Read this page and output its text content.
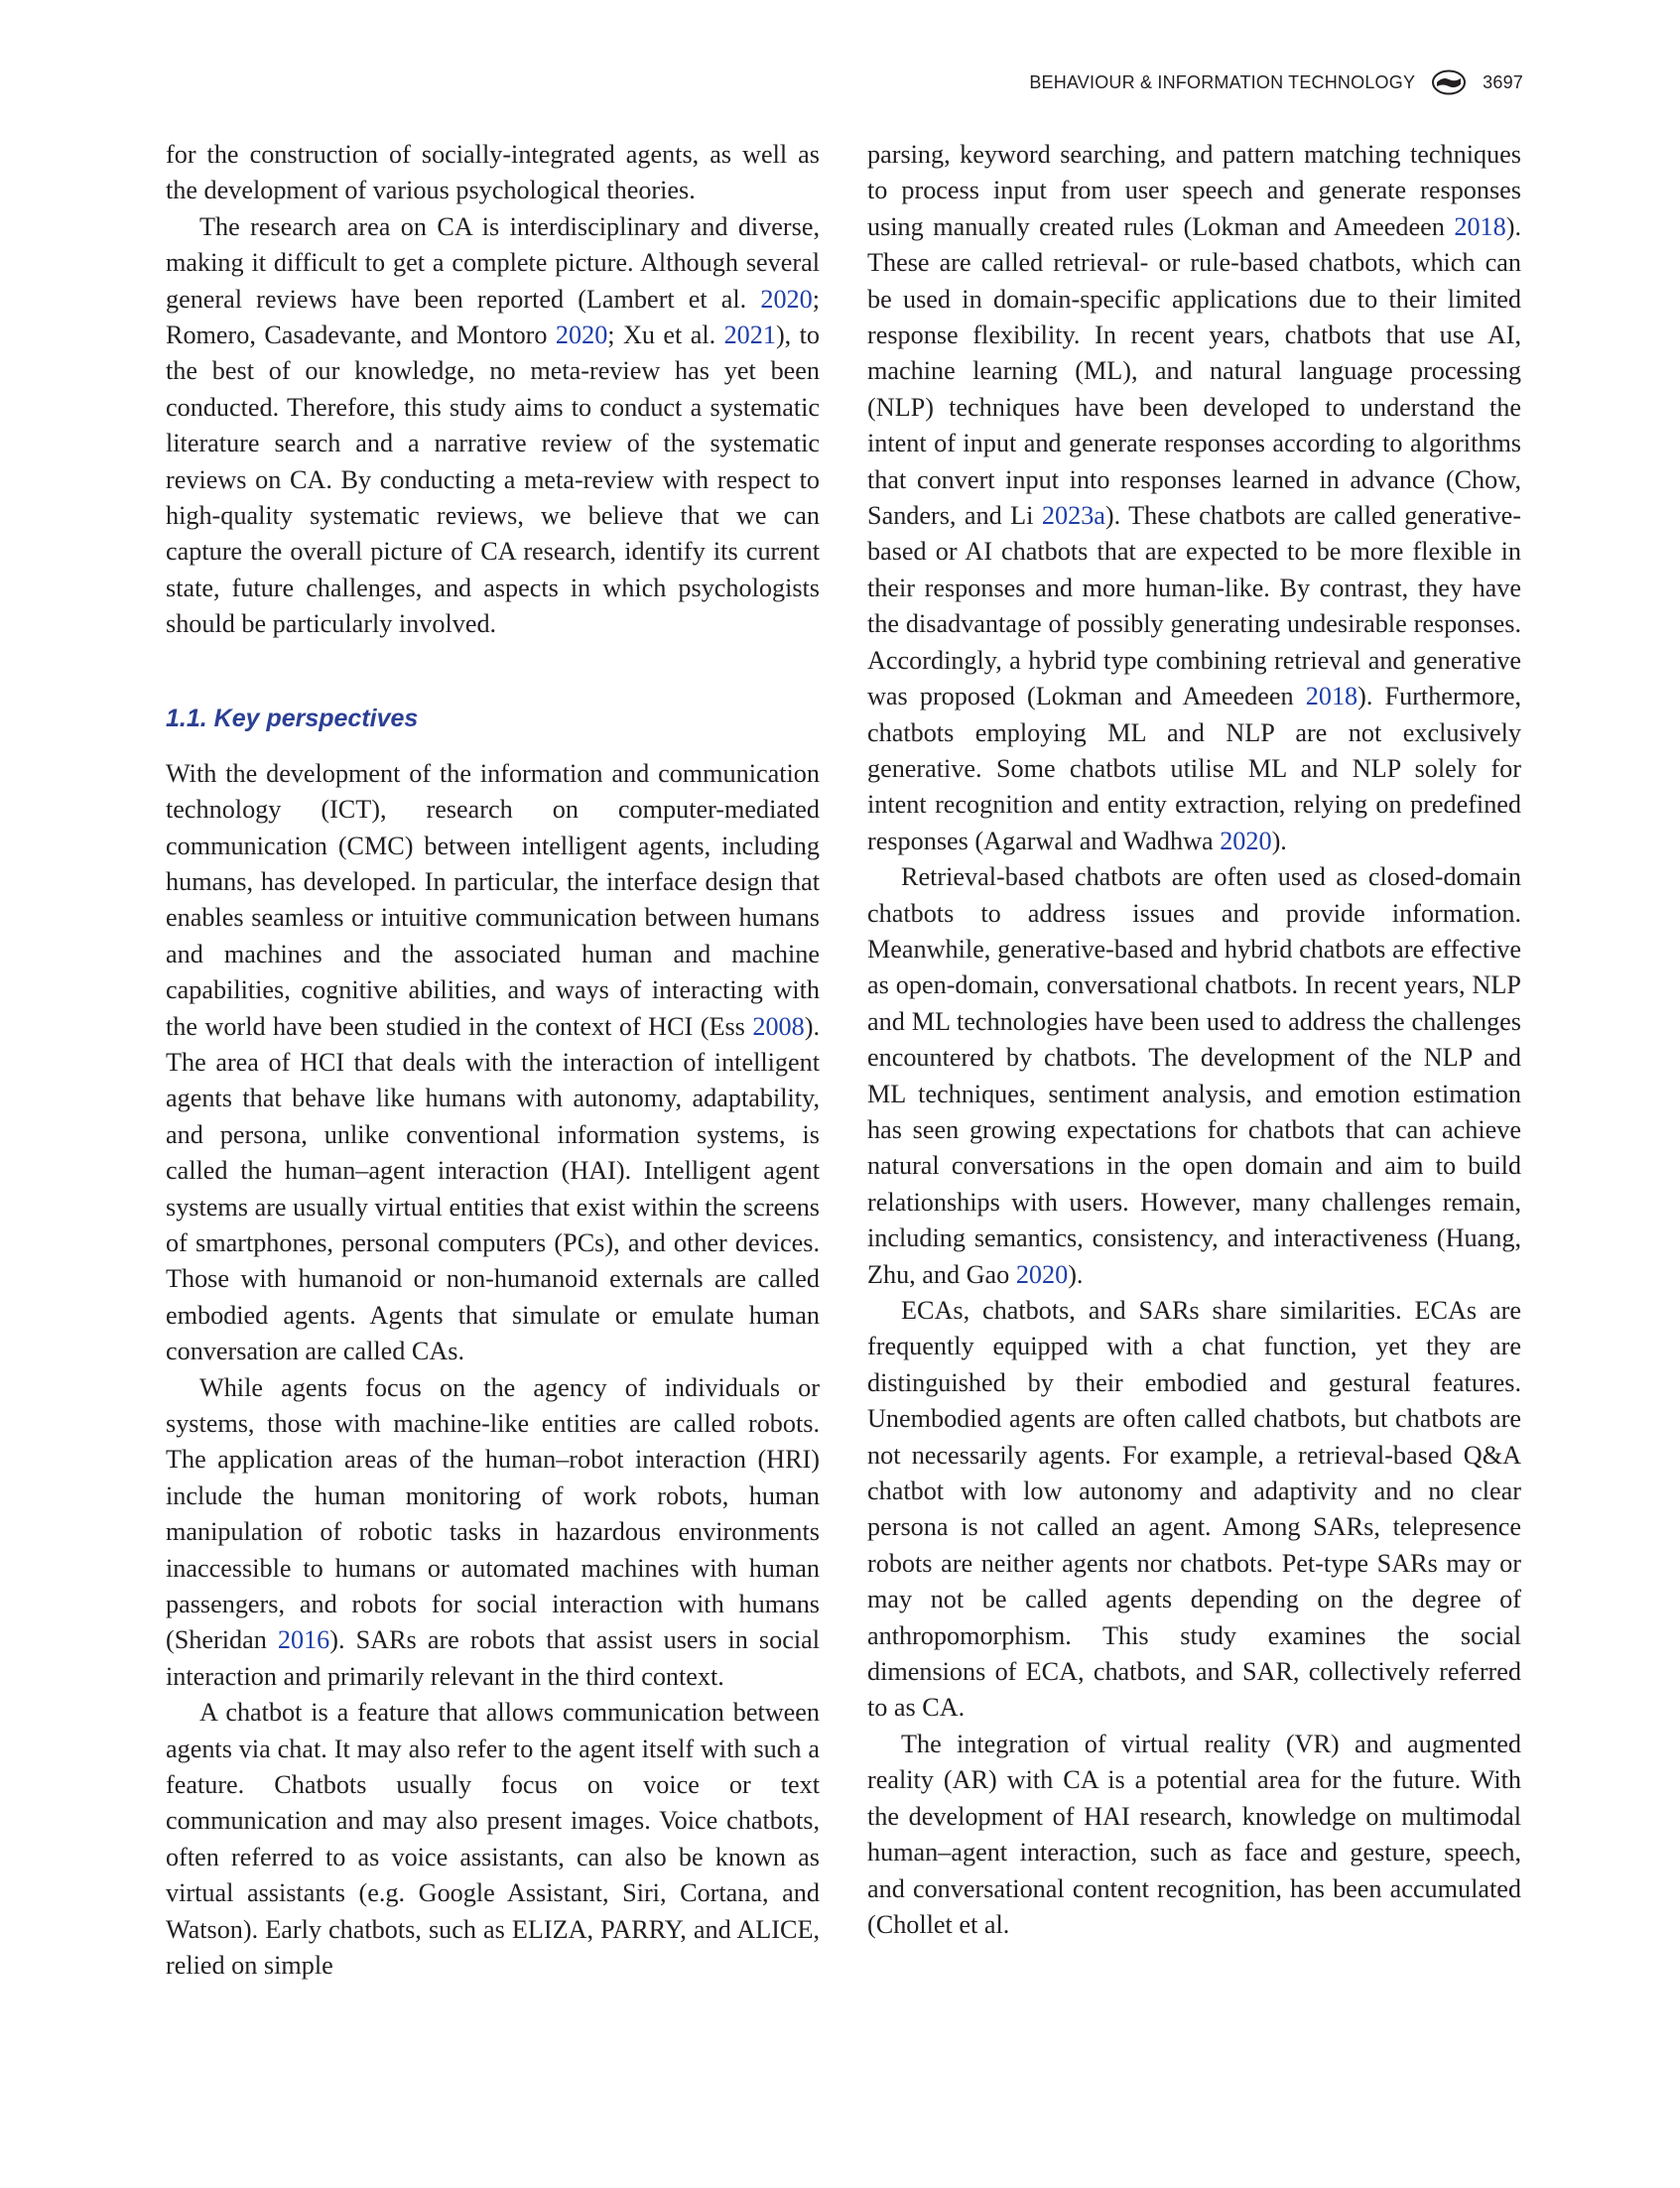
BEHAVIOUR & INFORMATION TECHNOLOGY	3697

for the construction of socially-integrated agents, as well as the development of various psychological theories.

The research area on CA is interdisciplinary and diverse, making it difficult to get a complete picture. Although several general reviews have been reported (Lambert et al. 2020; Romero, Casadevante, and Montoro 2020; Xu et al. 2021), to the best of our knowledge, no meta-review has yet been conducted. Therefore, this study aims to conduct a systematic literature search and a narrative review of the systematic reviews on CA. By conducting a meta-review with respect to high-quality systematic reviews, we believe that we can capture the overall picture of CA research, identify its current state, future challenges, and aspects in which psychologists should be particularly involved.

1.1. Key perspectives

With the development of the information and communication technology (ICT), research on computer-mediated communication (CMC) between intelligent agents, including humans, has developed. In particular, the interface design that enables seamless or intuitive communication between humans and machines and the associated human and machine capabilities, cognitive abilities, and ways of interacting with the world have been studied in the context of HCI (Ess 2008). The area of HCI that deals with the interaction of intelligent agents that behave like humans with autonomy, adaptability, and persona, unlike conventional information systems, is called the human–agent interaction (HAI). Intelligent agent systems are usually virtual entities that exist within the screens of smartphones, personal computers (PCs), and other devices. Those with humanoid or non-humanoid externals are called embodied agents. Agents that simulate or emulate human conversation are called CAs.

While agents focus on the agency of individuals or systems, those with machine-like entities are called robots. The application areas of the human–robot interaction (HRI) include the human monitoring of work robots, human manipulation of robotic tasks in hazardous environments inaccessible to humans or automated machines with human passengers, and robots for social interaction with humans (Sheridan 2016). SARs are robots that assist users in social interaction and primarily relevant in the third context.

A chatbot is a feature that allows communication between agents via chat. It may also refer to the agent itself with such a feature. Chatbots usually focus on voice or text communication and may also present images. Voice chatbots, often referred to as voice assistants, can also be known as virtual assistants (e.g. Google Assistant, Siri, Cortana, and Watson). Early chatbots, such as ELIZA, PARRY, and ALICE, relied on simple

parsing, keyword searching, and pattern matching techniques to process input from user speech and generate responses using manually created rules (Lokman and Ameedeen 2018). These are called retrieval- or rule-based chatbots, which can be used in domain-specific applications due to their limited response flexibility. In recent years, chatbots that use AI, machine learning (ML), and natural language processing (NLP) techniques have been developed to understand the intent of input and generate responses according to algorithms that convert input into responses learned in advance (Chow, Sanders, and Li 2023a). These chatbots are called generative-based or AI chatbots that are expected to be more flexible in their responses and more human-like. By contrast, they have the disadvantage of possibly generating undesirable responses. Accordingly, a hybrid type combining retrieval and generative was proposed (Lokman and Ameedeen 2018). Furthermore, chatbots employing ML and NLP are not exclusively generative. Some chatbots utilise ML and NLP solely for intent recognition and entity extraction, relying on predefined responses (Agarwal and Wadhwa 2020).

Retrieval-based chatbots are often used as closed-domain chatbots to address issues and provide information. Meanwhile, generative-based and hybrid chatbots are effective as open-domain, conversational chatbots. In recent years, NLP and ML technologies have been used to address the challenges encountered by chatbots. The development of the NLP and ML techniques, sentiment analysis, and emotion estimation has seen growing expectations for chatbots that can achieve natural conversations in the open domain and aim to build relationships with users. However, many challenges remain, including semantics, consistency, and interactiveness (Huang, Zhu, and Gao 2020).

ECAs, chatbots, and SARs share similarities. ECAs are frequently equipped with a chat function, yet they are distinguished by their embodied and gestural features. Unembodied agents are often called chatbots, but chatbots are not necessarily agents. For example, a retrieval-based Q&A chatbot with low autonomy and adaptivity and no clear persona is not called an agent. Among SARs, telepresence robots are neither agents nor chatbots. Pet-type SARs may or may not be called agents depending on the degree of anthropomorphism. This study examines the social dimensions of ECA, chatbots, and SAR, collectively referred to as CA.

The integration of virtual reality (VR) and augmented reality (AR) with CA is a potential area for the future. With the development of HAI research, knowledge on multimodal human–agent interaction, such as face and gesture, speech, and conversational content recognition, has been accumulated (Chollet et al.
